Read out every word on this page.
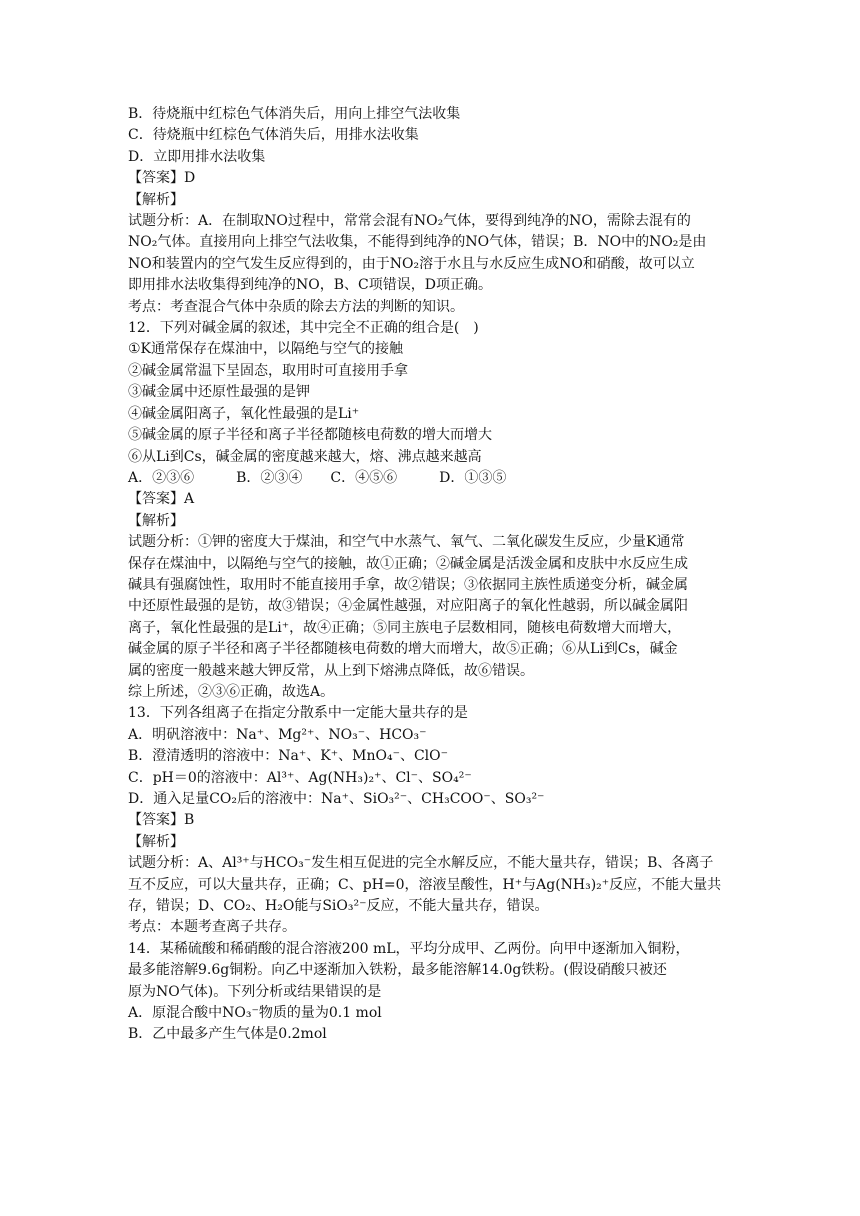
B．待烧瓶中红棕色气体消失后，用向上排空气法收集
C．待烧瓶中红棕色气体消失后，用排水法收集
D．立即用排水法收集
【答案】D
【解析】
试题分析：A．在制取NO过程中，常常会混有NO₂气体，要得到纯净的NO，需除去混有的
NO₂气体。直接用向上排空气法收集，不能得到纯净的NO气体，错误；B．NO中的NO₂是由
NO和装置内的空气发生反应得到的，由于NO₂溶于水且与水反应生成NO和硝酸，故可以立
即用排水法收集得到纯净的NO，B、C项错误，D项正确。
考点：考查混合气体中杂质的除去方法的判断的知识。
12．下列对碱金属的叙述，其中完全不正确的组合是(　)
①K通常保存在煤油中，以隔绝与空气的接触
②碱金属常温下呈固态，取用时可直接用手拿
③碱金属中还原性最强的是钾
④碱金属阳离子，氧化性最强的是Li⁺
⑤碱金属的原子半径和离子半径都随核电荷数的增大而增大
⑥从Li到Cs，碱金属的密度越来越大，熔、沸点越来越高
A．②③⑥　　　B．②③④　　C．④⑤⑥　　　D．①③⑤
【答案】A
【解析】
试题分析：①钾的密度大于煤油，和空气中水蒸气、氧气、二氧化碳发生反应，少量K通常
保存在煤油中，以隔绝与空气的接触，故①正确；②碱金属是活泼金属和皮肤中水反应生成
碱具有强腐蚀性，取用时不能直接用手拿，故②错误；③依据同主族性质递变分析，碱金属
中还原性最强的是钫，故③错误；④金属性越强，对应阳离子的氧化性越弱，所以碱金属阳
离子，氧化性最强的是Li⁺，故④正确；⑤同主族电子层数相同，随核电荷数增大而增大，
碱金属的原子半径和离子半径都随核电荷数的增大而增大，故⑤正确；⑥从Li到Cs，碱金
属的密度一般越来越大钾反常，从上到下熔沸点降低，故⑥错误。
综上所述，②③⑥正确，故选A。
13．下列各组离子在指定分散系中一定能大量共存的是
A．明矾溶液中：Na⁺、Mg²⁺、NO₃⁻、HCO₃⁻
B．澄清透明的溶液中：Na⁺、K⁺、MnO₄⁻、ClO⁻
C．pH＝0的溶液中：Al³⁺、Ag(NH₃)₂⁺、Cl⁻、SO₄²⁻
D．通入足量CO₂后的溶液中：Na⁺、SiO₃²⁻、CH₃COO⁻、SO₃²⁻
【答案】B
【解析】
试题分析：A、Al³⁺与HCO₃⁻发生相互促进的完全水解反应，不能大量共存，错误；B、各离子
互不反应，可以大量共存，正确；C、pH=0，溶液呈酸性，H⁺与Ag(NH₃)₂⁺反应，不能大量共
存，错误；D、CO₂、H₂O能与SiO₃²⁻反应，不能大量共存，错误。
考点：本题考查离子共存。
14．某稀硫酸和稀硝酸的混合溶液200 mL，平均分成甲、乙两份。向甲中逐渐加入铜粉，
最多能溶解9.6g铜粉。向乙中逐渐加入铁粉，最多能溶解14.0g铁粉。(假设硝酸只被还
原为NO气体)。下列分析或结果错误的是
A．原混合酸中NO₃⁻物质的量为0.1 mol
B．乙中最多产生气体是0.2mol
